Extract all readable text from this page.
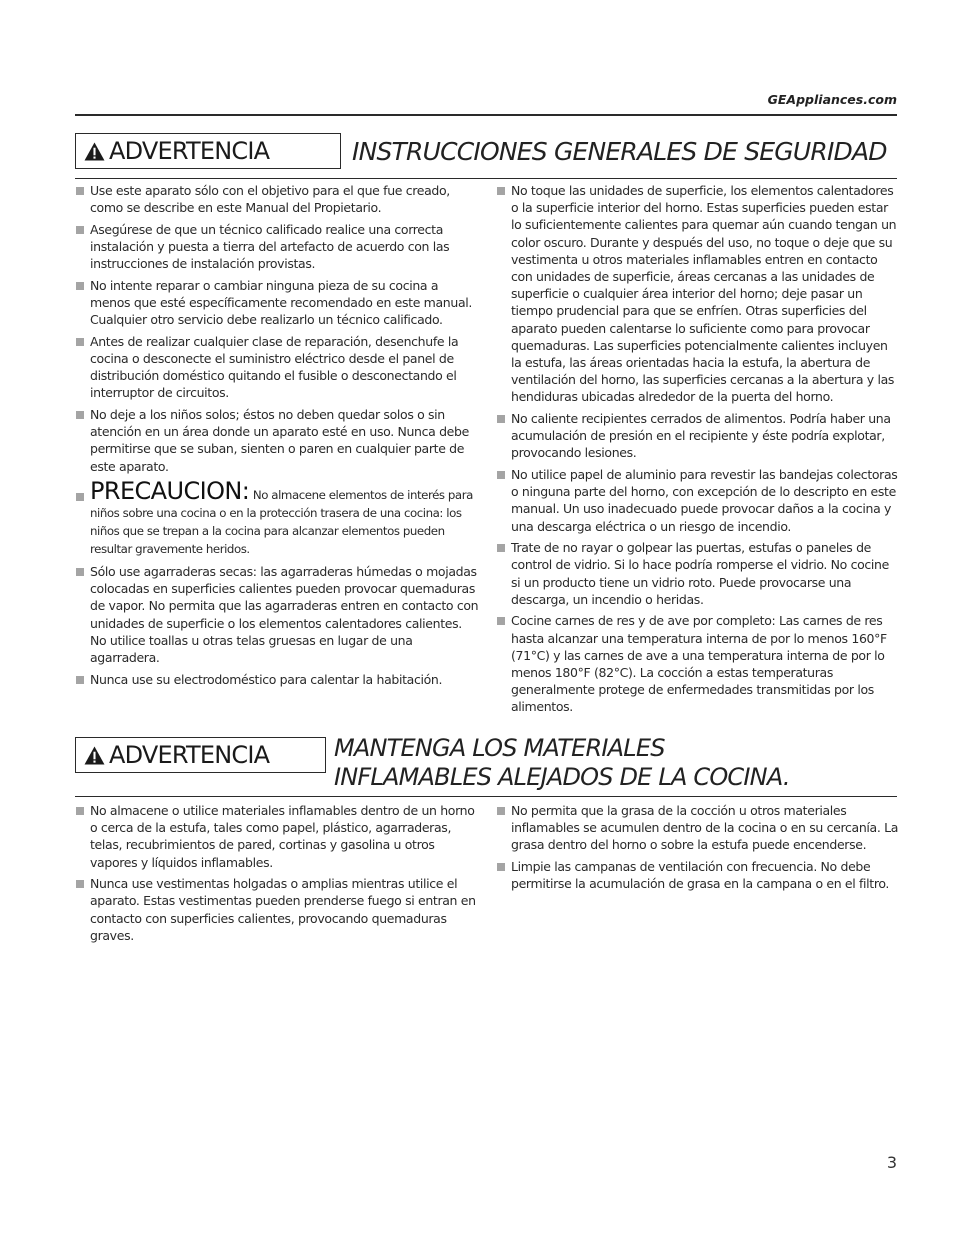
GEAppliances.com
ADVERTENCIA	INSTRUCCIONES GENERALES DE SEGURIDAD
Use este aparato sólo con el objetivo para el que fue creado, como se describe en este Manual del Propietario.
Asegúrese de que un técnico calificado realice una correcta instalación y puesta a tierra del artefacto de acuerdo con las instrucciones de instalación provistas.
No intente reparar o cambiar ninguna pieza de su cocina a menos que esté específicamente recomendado en este manual. Cualquier otro servicio debe realizarlo un técnico calificado.
Antes de realizar cualquier clase de reparación, desenchufe la cocina o desconecte el suministro eléctrico desde el panel de distribución doméstico quitando el fusible o desconectando el interruptor de circuitos.
No deje a los niños solos; éstos no deben quedar solos o sin atención en un área donde un aparato esté en uso. Nunca debe permitirse que se suban, sienten o paren en cualquier parte de este aparato.
PRECAUCION: No almacene elementos de interés para niños sobre una cocina o en la protección trasera de una cocina: los niños que se trepan a la cocina para alcanzar elementos pueden resultar gravemente heridos.
Sólo use agarraderas secas: las agarraderas húmedas o mojadas colocadas en superficies calientes pueden provocar quemaduras de vapor. No permita que las agarraderas entren en contacto con unidades de superficie o los elementos calentadores calientes. No utilice toallas u otras telas gruesas en lugar de una agarradera.
Nunca use su electrodoméstico para calentar la habitación.
No toque las unidades de superficie, los elementos calentadores o la superficie interior del horno. Estas superficies pueden estar lo suficientemente calientes para quemar aún cuando tengan un color oscuro. Durante y después del uso, no toque o deje que su vestimenta u otros materiales inflamables entren en contacto con unidades de superficie, áreas cercanas a las unidades de superficie o cualquier área interior del horno; deje pasar un tiempo prudencial para que se enfríen. Otras superficies del aparato pueden calentarse lo suficiente como para provocar quemaduras. Las superficies potencialmente calientes incluyen la estufa, las áreas orientadas hacia la estufa, la abertura de ventilación del horno, las superficies cercanas a la abertura y las hendiduras ubicadas alrededor de la puerta del horno.
No caliente recipientes cerrados de alimentos. Podría haber una acumulación de presión en el recipiente y éste podría explotar, provocando lesiones.
No utilice papel de aluminio para revestir las bandejas colectoras o ninguna parte del horno, con excepción de lo descripto en este manual. Un uso inadecuado puede provocar daños a la cocina y una descarga eléctrica o un riesgo de incendio.
Trate de no rayar o golpear las puertas, estufas o paneles de control de vidrio. Si lo hace podría romperse el vidrio. No cocine si un producto tiene un vidrio roto. Puede provocarse una descarga, un incendio o heridas.
Cocine carnes de res y de ave por completo: Las carnes de res hasta alcanzar una temperatura interna de por lo menos 160°F (71°C) y las carnes de ave a una temperatura interna de por lo menos 180°F (82°C). La cocción a estas temperaturas generalmente protege de enfermedades transmitidas por los alimentos.
ADVERTENCIA	MANTENGA LOS MATERIALES
INFLAMABLES ALEJADOS DE LA COCINA.
No almacene o utilice materiales inflamables dentro de un horno o cerca de la estufa, tales como papel, plástico, agarraderas, telas, recubrimientos de pared, cortinas y gasolina u otros vapores y líquidos inflamables.
Nunca use vestimentas holgadas o amplias mientras utilice el aparato. Estas vestimentas pueden prenderse fuego si entran en contacto con superficies calientes, provocando quemaduras graves.
No permita que la grasa de la cocción u otros materiales inflamables se acumulen dentro de la cocina o en su cercanía. La grasa dentro del horno o sobre la estufa puede encenderse.
Limpie las campanas de ventilación con frecuencia. No debe permitirse la acumulación de grasa en la campana o en el filtro.
3
